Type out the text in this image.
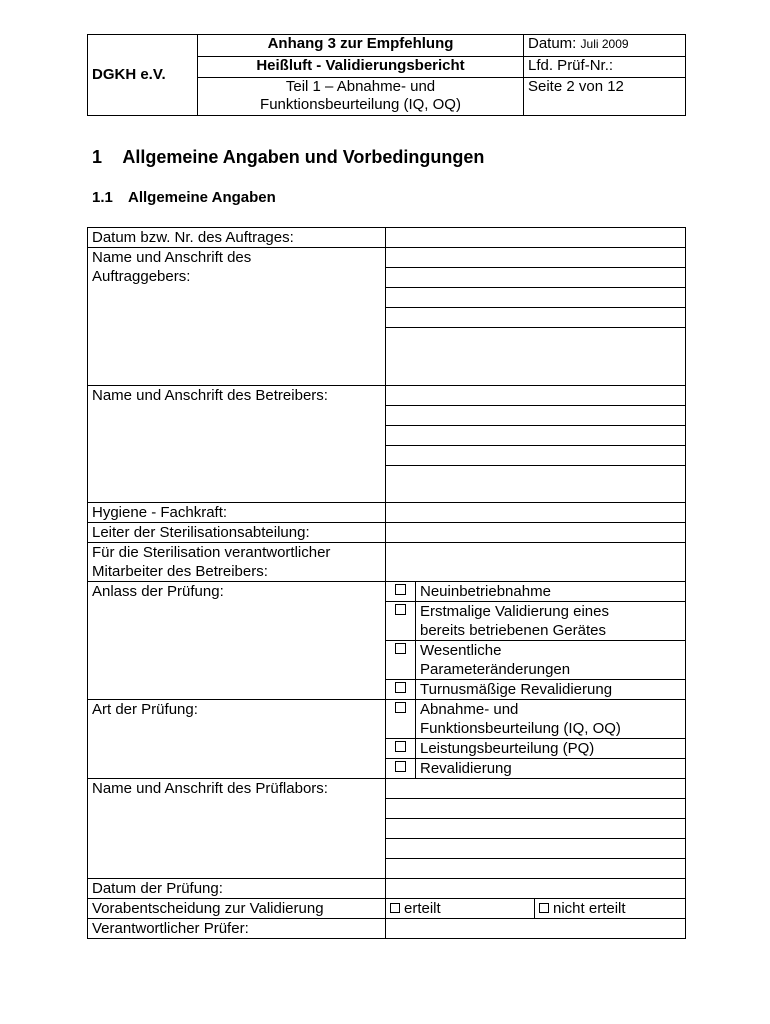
DGKH e.V.	Anhang 3 zur Empfehlung	Datum: Juli 2009
	Heißluft - Validierungsbericht	Lfd. Prüf-Nr.:
	Teil 1 – Abnahme- und
Funktionsbeurteilung (IQ, OQ)	Seite 2 von 12
1 Allgemeine Angaben und Vorbedingungen
1.1 Allgemeine Angaben
Datum bzw. Nr. des Auftrages:			
Name und Anschrift des
Auftraggebers:			

Name und Anschrift des Betreibers:			

Hygiene - Fachkraft:			
Leiter der Sterilisationsabteilung:			
Für die Sterilisation verantwortlicher
Mitarbeiter des Betreibers:			
Anlass der Prüfung:		Neuinbetriebnahme	
		Erstmalige Validierung eines
bereits betriebenen Gerätes	
		Wesentliche
Parameteränderungen	
		Turnusmäßige Revalidierung	
Art der Prüfung:		Abnahme- und
Funktionsbeurteilung (IQ, OQ)	
		Leistungsbeurteilung (PQ)	
		Revalidierung	
Name und Anschrift des Prüflabors:			

Datum der Prüfung:			
Vorabentscheidung zur Validierung	erteilt		nicht erteilt
Verantwortlicher Prüfer:			
